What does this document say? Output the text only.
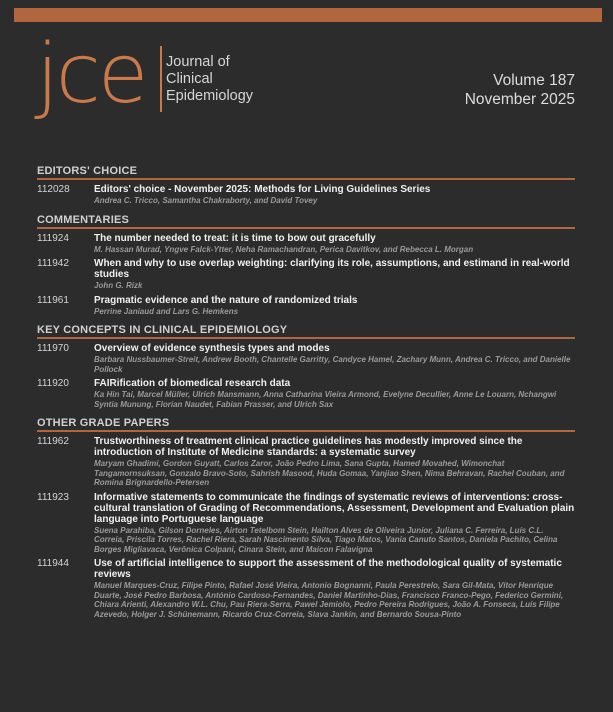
jce Journal of
Clinical
Epidemiology
Volume 187
November 2025
EDITORS' CHOICE
112028	Editors' choice - November 2025: Methods for Living Guidelines Series
Andrea C. Tricco, Samantha Chakraborty, and David Tovey
COMMENTARIES
111924	The number needed to treat: it is time to bow out gracefully
M. Hassan Murad, Yngve Falck-Ytter, Neha Ramachandran, Perica Davitkov, and Rebecca L. Morgan
111942	When and why to use overlap weighting: clarifying its role, assumptions, and estimand in real-world studies
John G. Rizk
111961	Pragmatic evidence and the nature of randomized trials
Perrine Janiaud and Lars G. Hemkens
KEY CONCEPTS IN CLINICAL EPIDEMIOLOGY
111970	Overview of evidence synthesis types and modes
Barbara Nussbaumer-Streit, Andrew Booth, Chantelle Garritty, Candyce Hamel, Zachary Munn, Andrea C. Tricco, and Danielle Pollock
111920	FAIRification of biomedical research data
Ka Hin Tai, Marcel Müller, Ulrich Mansmann, Anna Catharina Vieira Armond, Evelyne Decullier, Anne Le Louarn, Nchangwi Syntia Munung, Florian Naudet, Fabian Prasser, and Ulrich Sax
OTHER GRADE PAPERS
111962	Trustworthiness of treatment clinical practice guidelines has modestly improved since the introduction of Institute of Medicine standards: a systematic survey
Maryam Ghadimi, Gordon Guyatt, Carlos Zaror, João Pedro Lima, Sana Gupta, Hamed Movahed, Wimonchat Tangamornsuksan, Gonzalo Bravo-Soto, Sahrish Masood, Huda Gomaa, Yanjiao Shen, Nima Behravan, Rachel Couban, and Romina Brignardello-Petersen
111923	Informative statements to communicate the findings of systematic reviews of interventions: cross-cultural translation of Grading of Recommendations, Assessment, Development and Evaluation plain language into Portuguese language
Suena Parahiba, Gilson Dorneles, Airton Tetelbom Stein, Hailton Alves de Oliveira Junior, Juliana C. Ferreira, Luís C.L. Correia, Priscila Torres, Rachel Riera, Sarah Nascimento Silva, Tiago Matos, Vania Canuto Santos, Daniela Pachito, Celina Borges Migliavaca, Verônica Colpani, Cinara Stein, and Maicon Falavigna
111944	Use of artificial intelligence to support the assessment of the methodological quality of systematic reviews
Manuel Marques-Cruz, Filipe Pinto, Rafael José Vieira, Antonio Bognanni, Paula Perestrelo, Sara Gil-Mata, Vítor Henrique Duarte, José Pedro Barbosa, António Cardoso-Fernandes, Daniel Martinho-Dias, Francisco Franco-Pego, Federico Germini, Chiara Arienti, Alexandro W.L. Chu, Pau Riera-Serra, Pawel Jemiolo, Pedro Pereira Rodrigues, João A. Fonseca, Luís Filipe Azevedo, Holger J. Schünemann, Ricardo Cruz-Correia, Slava Jankin, and Bernardo Sousa-Pinto
